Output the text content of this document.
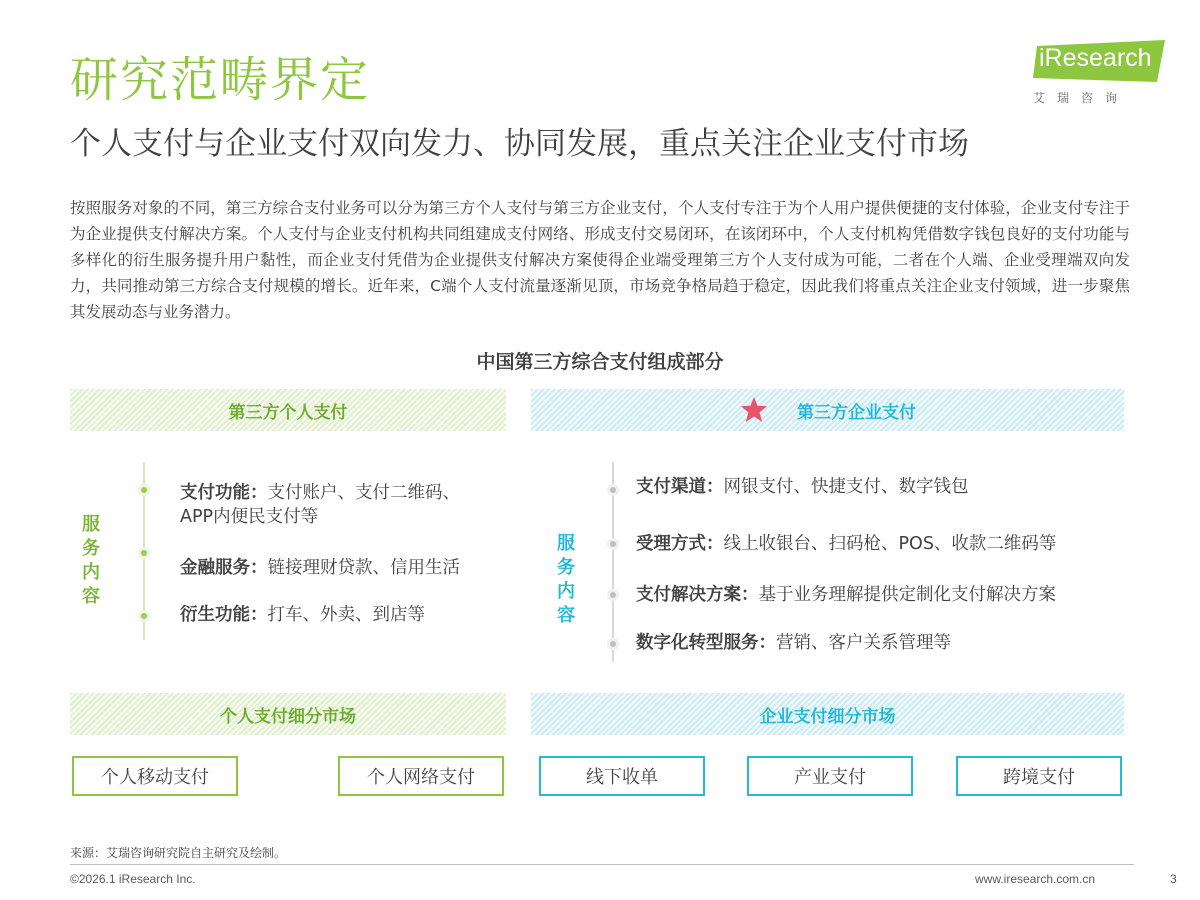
研究范畴界定
个人支付与企业支付双向发力、协同发展，重点关注企业支付市场
iResearch
艾瑞咨询
按照服务对象的不同，第三方综合支付业务可以分为第三方个人支付与第三方企业支付，个人支付专注于为个人用户提供便捷的支付体验，企业支付专注于为企业提供支付解决方案。个人支付与企业支付机构共同组建成支付网络、形成支付交易闭环，在该闭环中，个人支付机构凭借数字钱包良好的支付功能与多样化的衍生服务提升用户黏性，而企业支付凭借为企业提供支付解决方案使得企业端受理第三方个人支付成为可能，二者在个人端、企业受理端双向发力，共同推动第三方综合支付规模的增长。近年来，C端个人支付流量逐渐见顶，市场竞争格局趋于稳定，因此我们将重点关注企业支付领域，进一步聚焦其发展动态与业务潜力。
中国第三方综合支付组成部分
第三方个人支付	第三方企业支付
服
务
内
容
支付功能：支付账户、支付二维码、
APP内便民支付等
金融服务：链接理财贷款、信用生活
衍生功能：打车、外卖、到店等
服
务
内
容
支付渠道：网银支付、快捷支付、数字钱包
受理方式：线上收银台、扫码枪、POS、收款二维码等
支付解决方案：基于业务理解提供定制化支付解决方案
数字化转型服务：营销、客户关系管理等
个人支付细分市场	企业支付细分市场
个人移动支付	个人网络支付	线下收单	产业支付	跨境支付
来源：艾瑞咨询研究院自主研究及绘制。
©2026.1 iResearch Inc.	www.iresearch.com.cn	3
